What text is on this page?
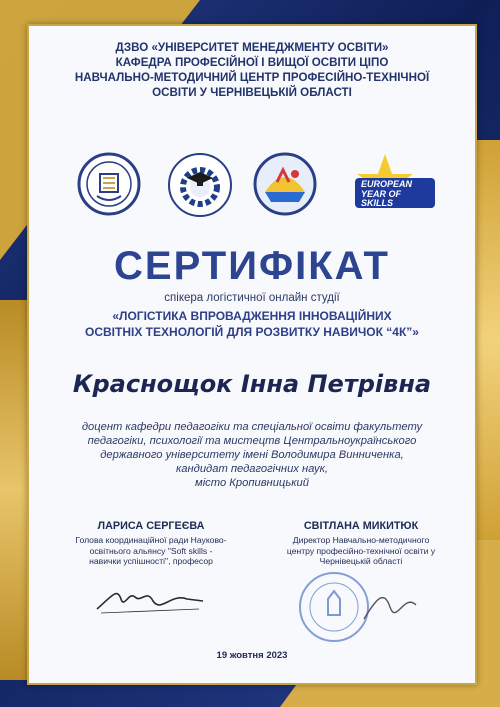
ДЗВО «УНІВЕРСИТЕТ МЕНЕДЖМЕНТУ ОСВІТИ»
КАФЕДРА ПРОФЕСІЙНОЇ І ВИЩОЇ ОСВІТИ ЦІПО
НАВЧАЛЬНО-МЕТОДИЧНИЙ ЦЕНТР ПРОФЕСІЙНО-ТЕХНІЧНОЇ
ОСВІТИ У ЧЕРНІВЕЦЬКІЙ ОБЛАСТІ
EUROPEAN
YEAR OF
SKILLS
СЕРТИФІКАТ
спікера логістичної онлайн студії
«ЛОГІСТИКА ВПРОВАДЖЕННЯ ІННОВАЦІЙНИХ
ОСВІТНІХ ТЕХНОЛОГІЙ ДЛЯ РОЗВИТКУ НАВИЧОК “4К”»
Краснощок Інна Петрівна
доцент кафедри педагогіки та спеціальної освіти факультету
педагогіки, психології та мистецтв Центральноукраїнського
державного університету імені Володимира Винниченка,
кандидат педагогічних наук,
місто Кропивницький
ЛАРИСА СЕРГЕЄВА
Голова координаційної ради Науково-
освітнього альянсу "Soft skills -
навички успішності", професор
СВІТЛАНА МИКИТЮК
Директор Навчально-методичного
центру професійно-технічної освіти у
Чернівецькій області
19 жовтня 2023
